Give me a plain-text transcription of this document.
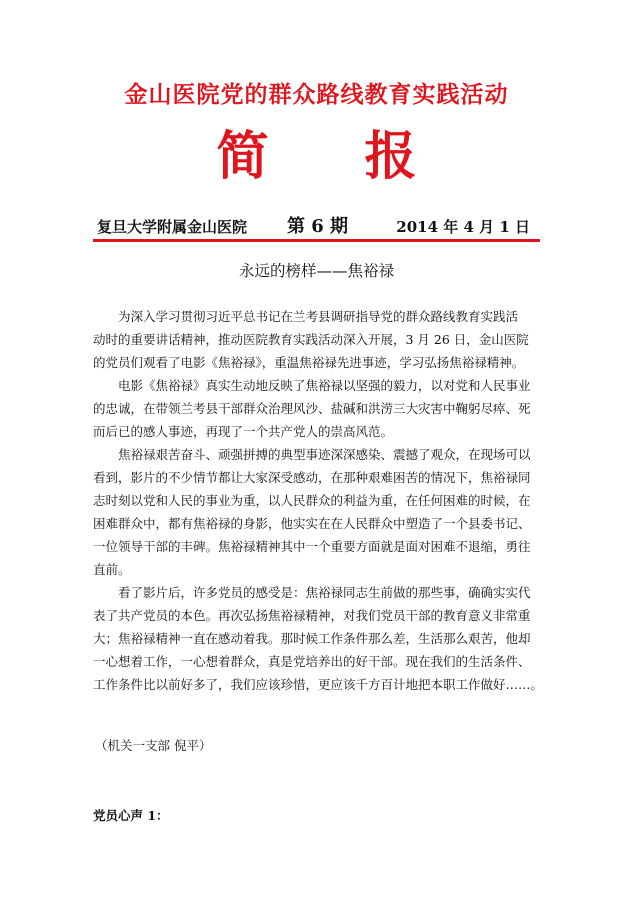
金山医院党的群众路线教育实践活动
简 报
复旦大学附属金山医院 第 6 期	2014 年 4 月 1 日
永远的榜样——焦裕禄
为深入学习贯彻习近平总书记在兰考县调研指导党的群众路线教育实践活
动时的重要讲话精神，推动医院教育实践活动深入开展，3 月 26 日，金山医院
的党员们观看了电影《焦裕禄》，重温焦裕禄先进事迹，学习弘扬焦裕禄精神。
电影《焦裕禄》真实生动地反映了焦裕禄以坚强的毅力，以对党和人民事业
的忠诚，在带领兰考县干部群众治理风沙、盐碱和洪涝三大灾害中鞠躬尽瘁、死
而后已的感人事迹，再现了一个共产党人的崇高风范。
焦裕禄艰苦奋斗、顽强拼搏的典型事迹深深感染、震撼了观众，在现场可以
看到，影片的不少情节都让大家深受感动，在那种艰难困苦的情况下，焦裕禄同
志时刻以党和人民的事业为重，以人民群众的利益为重，在任何困难的时候，在
困难群众中，都有焦裕禄的身影，他实实在在人民群众中塑造了一个县委书记、
一位领导干部的丰碑。焦裕禄精神其中一个重要方面就是面对困难不退缩，勇往
直前。
看了影片后，许多党员的感受是：焦裕禄同志生前做的那些事，确确实实代
表了共产党员的本色。再次弘扬焦裕禄精神，对我们党员干部的教育意义非常重
大；焦裕禄精神一直在感动着我。那时候工作条件那么差，生活那么艰苦，他却
一心想着工作，一心想着群众，真是党培养出的好干部。现在我们的生活条件、
工作条件比以前好多了，我们应该珍惜，更应该千方百计地把本职工作做好……。
（机关一支部 倪平）
党员心声 1：
